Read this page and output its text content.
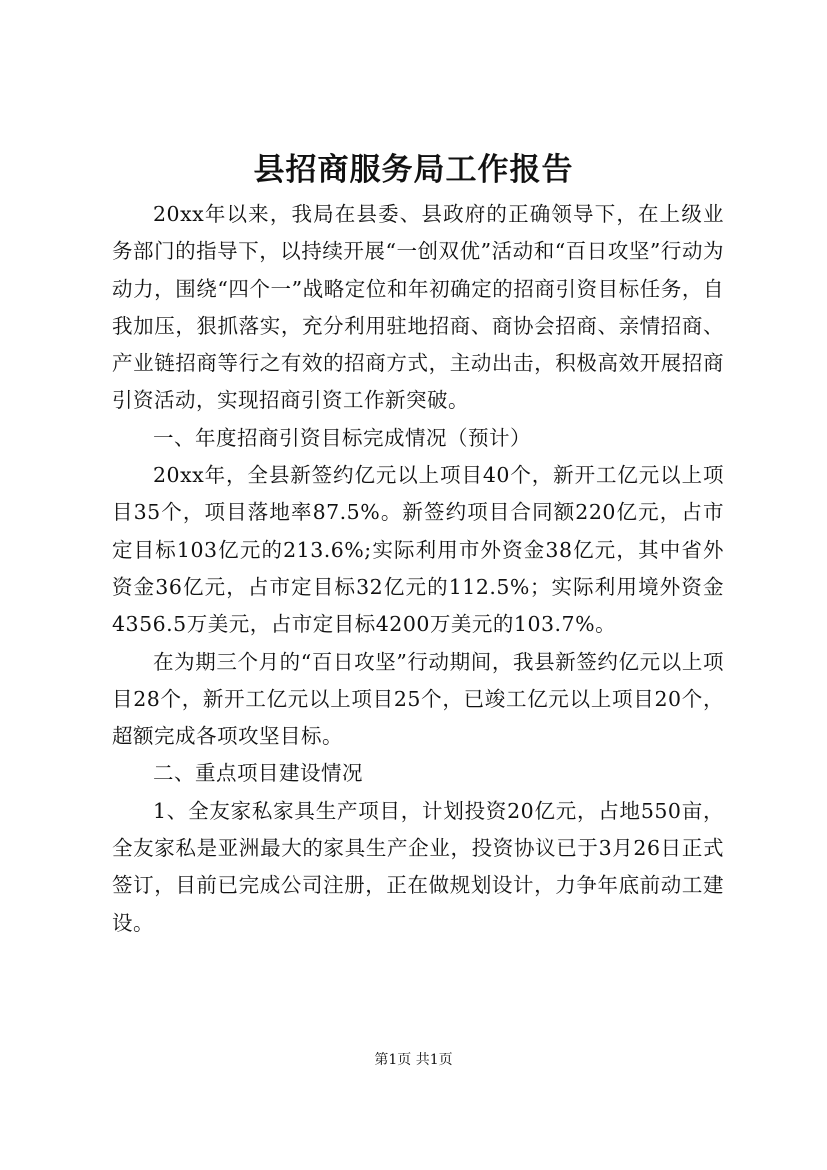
县招商服务局工作报告

20xx年以来，我局在县委、县政府的正确领导下，在上级业务部门的指导下，以持续开展“一创双优”活动和“百日攻坚”行动为动力，围绕“四个一”战略定位和年初确定的招商引资目标任务，自我加压，狠抓落实，充分利用驻地招商、商协会招商、亲情招商、产业链招商等行之有效的招商方式，主动出击，积极高效开展招商引资活动，实现招商引资工作新突破。

一、年度招商引资目标完成情况（预计）

20xx年，全县新签约亿元以上项目40个，新开工亿元以上项目35个，项目落地率87.5%。新签约项目合同额220亿元，占市定目标103亿元的213.6%;实际利用市外资金38亿元，其中省外资金36亿元，占市定目标32亿元的112.5%；实际利用境外资金4356.5万美元，占市定目标4200万美元的103.7%。

在为期三个月的“百日攻坚”行动期间，我县新签约亿元以上项目28个，新开工亿元以上项目25个，已竣工亿元以上项目20个，超额完成各项攻坚目标。

二、重点项目建设情况

1、全友家私家具生产项目，计划投资20亿元，占地550亩，全友家私是亚洲最大的家具生产企业，投资协议已于3月26日正式签订，目前已完成公司注册，正在做规划设计，力争年底前动工建设。

第1页 共1页
